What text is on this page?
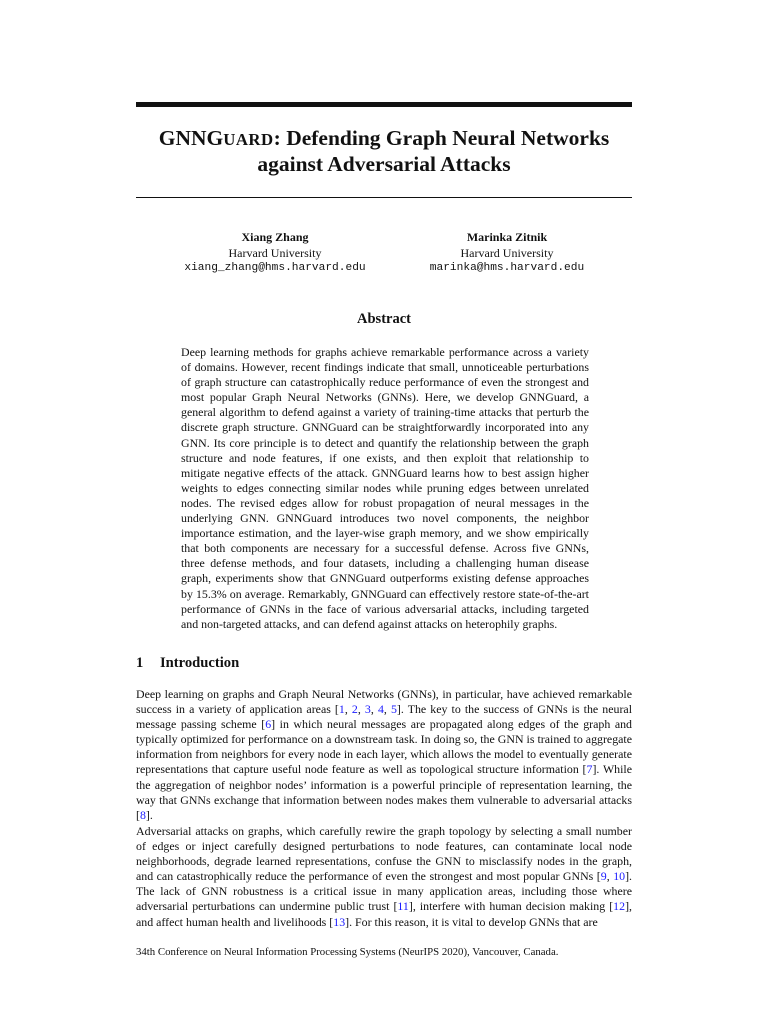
GNNGUARD: Defending Graph Neural Networks
against Adversarial Attacks
Xiang Zhang
Harvard University
xiang_zhang@hms.harvard.edu
Marinka Zitnik
Harvard University
marinka@hms.harvard.edu
Abstract
Deep learning methods for graphs achieve remarkable performance across a variety of domains. However, recent findings indicate that small, unnoticeable perturbations of graph structure can catastrophically reduce performance of even the strongest and most popular Graph Neural Networks (GNNs). Here, we develop GNNGuard, a general algorithm to defend against a variety of training-time attacks that perturb the discrete graph structure. GNNGuard can be straightforwardly incorporated into any GNN. Its core principle is to detect and quantify the relationship between the graph structure and node features, if one exists, and then exploit that relationship to mitigate negative effects of the attack. GNNGuard learns how to best assign higher weights to edges connecting similar nodes while pruning edges between unrelated nodes. The revised edges allow for robust propagation of neural messages in the underlying GNN. GNNGuard introduces two novel components, the neighbor importance estimation, and the layer-wise graph memory, and we show empirically that both components are necessary for a successful defense. Across five GNNs, three defense methods, and four datasets, including a challenging human disease graph, experiments show that GNNGuard outperforms existing defense approaches by 15.3% on average. Remarkably, GNNGuard can effectively restore state-of-the-art performance of GNNs in the face of various adversarial attacks, including targeted and non-targeted attacks, and can defend against attacks on heterophily graphs.
1 Introduction

Deep learning on graphs and Graph Neural Networks (GNNs), in particular, have achieved remarkable success in a variety of application areas [1, 2, 3, 4, 5]. The key to the success of GNNs is the neural message passing scheme [6] in which neural messages are propagated along edges of the graph and typically optimized for performance on a downstream task. In doing so, the GNN is trained to aggregate information from neighbors for every node in each layer, which allows the model to eventually generate representations that capture useful node feature as well as topological structure information [7]. While the aggregation of neighbor nodes’ information is a powerful principle of representation learning, the way that GNNs exchange that information between nodes makes them vulnerable to adversarial attacks [8].

Adversarial attacks on graphs, which carefully rewire the graph topology by selecting a small number of edges or inject carefully designed perturbations to node features, can contaminate local node neighborhoods, degrade learned representations, confuse the GNN to misclassify nodes in the graph, and can catastrophically reduce the performance of even the strongest and most popular GNNs [9, 10]. The lack of GNN robustness is a critical issue in many application areas, including those where adversarial perturbations can undermine public trust [11], interfere with human decision making [12], and affect human health and livelihoods [13]. For this reason, it is vital to develop GNNs that are

34th Conference on Neural Information Processing Systems (NeurIPS 2020), Vancouver, Canada.
